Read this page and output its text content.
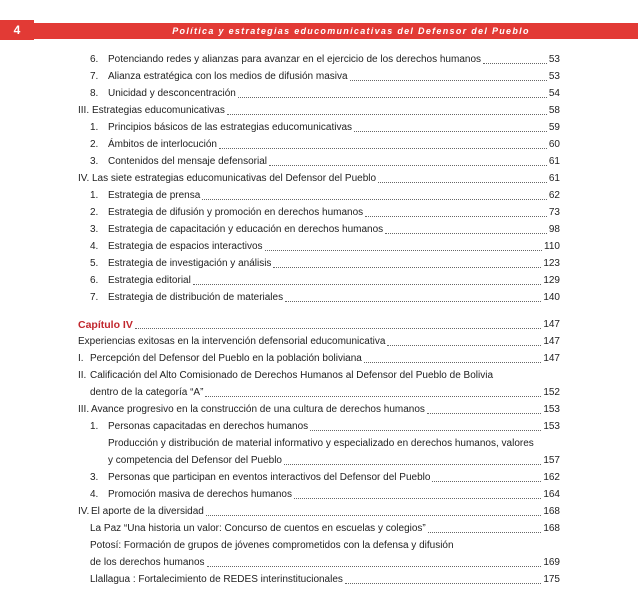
4	Política y estrategias educomunicativas del Defensor del Pueblo
6. Potenciando redes y alianzas para avanzar en el ejercicio de los derechos humanos	53
7. Alianza estratégica con los medios de difusión masiva	53
8. Unicidad y desconcentración	54
III. Estrategias educomunicativas	58
1. Principios básicos de las estrategias educomunicativas	59
2. Ámbitos de interlocución	60
3. Contenidos del mensaje defensorial	61
IV. Las siete estrategias educomunicativas del Defensor del Pueblo	61
1. Estrategia de prensa	62
2. Estrategia de difusión y promoción en derechos humanos	73
3. Estrategia de capacitación y educación en derechos humanos	98
4. Estrategia de espacios interactivos	110
5. Estrategia de investigación y análisis	123
6. Estrategia editorial	129
7. Estrategia de distribución de materiales	140
Capítulo IV	147
Experiencias exitosas en la intervención defensorial educomunicativa	147
I. Percepción del Defensor del Pueblo en la población boliviana	147
II. Calificación del Alto Comisionado de Derechos Humanos al Defensor del Pueblo de Bolivia
dentro de la categoría “A”	152
III. Avance progresivo en la construcción de una cultura de derechos humanos	153
1. Personas capacitadas en derechos humanos	153
Producción y distribución de material informativo y especializado en derechos humanos, valores
y competencia del Defensor del Pueblo	157
3. Personas que participan en eventos interactivos del Defensor del Pueblo	162
4. Promoción masiva de derechos humanos	164
IV. El aporte de la diversidad	168
La Paz “Una historia un valor: Concurso de cuentos en escuelas y colegios”	168
Potosí: Formación de grupos de jóvenes comprometidos con la defensa y difusión
de los derechos humanos	169
Llallagua : Fortalecimiento de REDES interinstitucionales	175
